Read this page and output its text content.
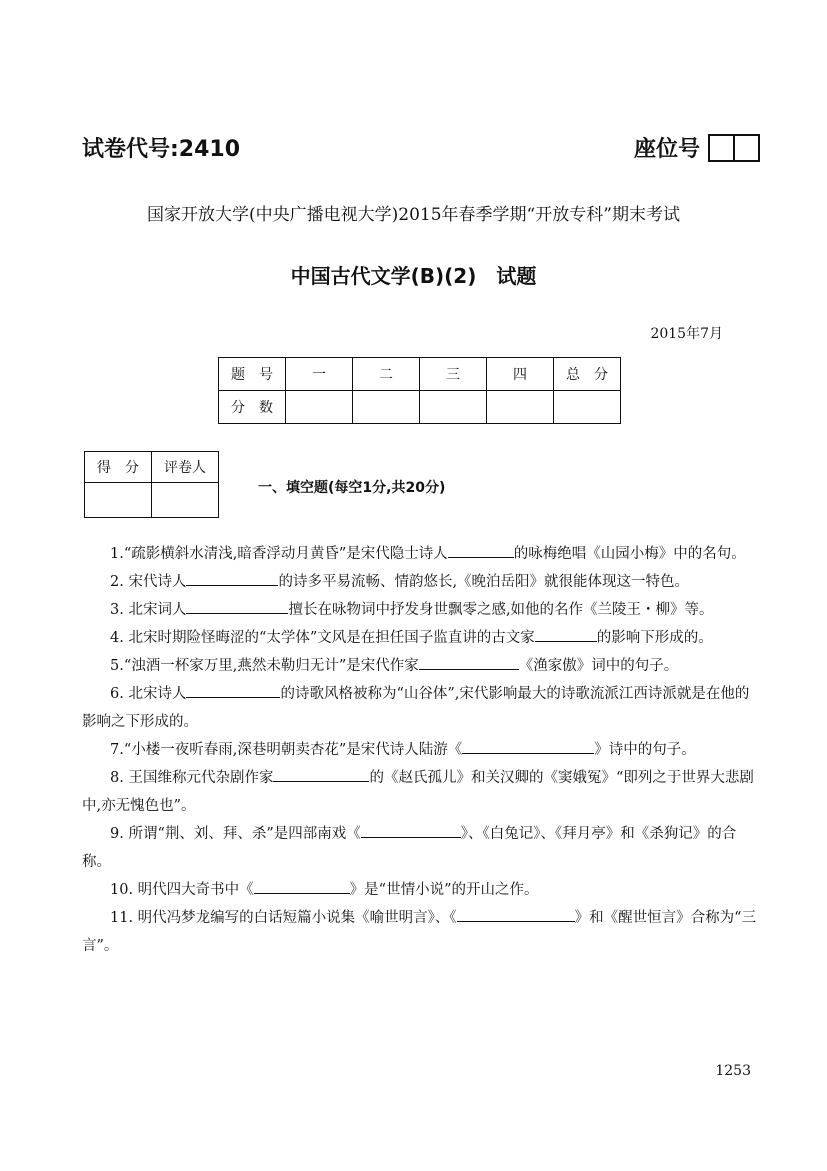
试卷代号:2410	座位号
国家开放大学(中央广播电视大学)2015年春季学期“开放专科”期末考试
中国古代文学(B)(2)　试题
2015年7月
题　号	一	二	三	四	总　分
分　数					
得　分	评卷人

一、填空题(每空1分,共20分)

1.“疏影横斜水清浅,暗香浮动月黄昏”是宋代隐士诗人	的咏梅绝唱《山园小梅》中的名句。

2. 宋代诗人	的诗多平易流畅、情韵悠长,《晚泊岳阳》就很能体现这一特色。

3. 北宋词人	擅长在咏物词中抒发身世飘零之感,如他的名作《兰陵王・柳》等。

4. 北宋时期险怪晦涩的“太学体”文风是在担任国子监直讲的古文家	的影响下形成的。

5.“浊酒一杯家万里,燕然未勒归无计”是宋代作家	《渔家傲》词中的句子。

6. 北宋诗人	的诗歌风格被称为“山谷体”,宋代影响最大的诗歌流派江西诗派就是在他的影响之下形成的。

7.“小楼一夜听春雨,深巷明朝卖杏花”是宋代诗人陆游《	》诗中的句子。

8. 王国维称元代杂剧作家	的《赵氏孤儿》和关汉卿的《窦娥冤》“即列之于世界大悲剧中,亦无愧色也”。

9. 所谓“荆、刘、拜、杀”是四部南戏《	》、《白兔记》、《拜月亭》和《杀狗记》的合称。

10. 明代四大奇书中《	》是“世情小说”的开山之作。

11. 明代冯梦龙编写的白话短篇小说集《喻世明言》、《	》和《醒世恒言》合称为“三言”。

1253
